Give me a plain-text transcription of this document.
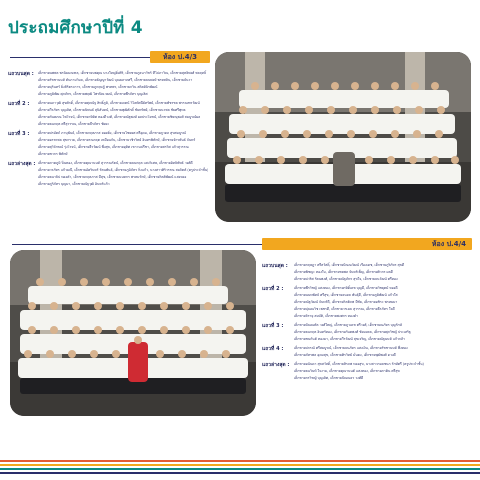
ประถมศึกษาปีที่ 4
ห้อง ป.4/3
แถวบนสุด : เด็กชายนพพล พรนิมมณฑล, เด็กชายนพคุณ บางใหญ่ยิ่งศิริ, เด็กชายภูธนาวัชร์ ทีโปภาวิณ, เด็กชายสุทธิพงศ์ พลฤทธิ์
เด็กชายรัชชานนท์ ตันกามวิมล, เด็กชายธัญญาวัฒน์ บุณยลาภศรี, เด็กชายธนพงษ์ พรทสลิน, เด็กชายธันวา
เด็กชายบุรินทร์ ยิ่งสิริตระการ, เด็กชายภูกฤษฎ์ พรทพร, เด็กชายกวิน สถิตย์นิรพัฒน์
เด็กชายภูมิพัฒ ศุภภัทร, เด็กชายพฤฒิ ไพรปิดเวฒน์, เด็กชายพีรภัทร บุญเลิศ
แถวที่ 2 :	เด็กชายนภาวุฒิ สุขศักดิ์, เด็กชายศุภณัฐ สิทธิ์ภูมิ, เด็กชายเจตน์ วิไลทัศนีย์ทรัพย์, เด็กชายพัชรชล พรรณฑรวัฒน์
เด็กชายวีรภัทร บุญเลิศ, เด็กชายนิพนธ์ สุนิสันทน์, เด็กชายพุฒิศักดิ์ ชัยทรัพย์, เด็กชายนวพล ชัยศรีพุทธ
เด็กชายกันตภณ ไพโรจน์, เด็กชายกษิดิศ ทองดีวงศ์, เด็กชายณัฐพงษ์ ผลประโยชน์, เด็กชายชิษณุพงศ์ สมบูรณ์ผล
เด็กชายธนกฤต ศรีสุวรรณ, เด็กชายธีรภัทร ชัยยะ
แถวที่ 3 :	เด็กชายปรมัตถ์ ภานุพันธ์, เด็กชายกฤตภาส ยอดยิ่ง, เด็กชายไชยยศ ศรีอุดม, เด็กชายภูวดล สุขสมบูรณ์
เด็กชายอรรถพล สุขกรวย, เด็กชายรณกฤต เหมือนกัน, เด็กชายวชิรวิทย์ อินทรพิทักษ์, เด็กชายจักรพันธ์ จันทร์
เด็กชายสุวิจักขณ์ รุ่งโรจน์, เด็กชายธีรวัฒน์ พึ่งสุข, เด็กชายอุทิศ เชาวนปรีชา, เด็กชายสรวิศ แก้วสุวรรณ
เด็กชายชวกร พิทักษ์
แถวล่างสุด : เด็กชายภาคภูมิ ปิ่นทอง, เด็กชายคุณานนท์ สุวรรณรัตน์, เด็กชายธนกฤต แสงวิเศษ, เด็กชายอิทธิพัทธ์ วงศ์ดี
เด็กชายวรภัทร แก้วมณี, เด็กชายอัครินทร์ รัตนพันธ์, เด็กชายภูมิภัทร กิ่งแก้ว, นางสาวศิริวรรณ สมจิตต์ (ครูประจำชั้น)
เด็กชายธนาธิป ทองคำ, เด็กชายกฤตภาส มีสุข, เด็กชายนนทกร พรหมรักษ์, เด็กชายกิตติพัฒน์ แสงทอง
เด็กชายภูริภัทร บุญมา, เด็กชายณัฐวุฒิ อินทร์แก้ว
ห้อง ป.4/4
แถวบนสุด : เด็กชายกฤษฎา ศรีสวัสดิ์, เด็กชายปัณณวัฒน์ เรืองเดช, เด็กชายภูริภัทร สุขดี
เด็กชายพิชญะ ทองใบ, เด็กชายชยพล จันทร์เพ็ญ, เด็กชายศิวกร ผลดี
เด็กชายปวริศ รัตนพงศ์, เด็กชายณัฐภัทร สุขใจ, เด็กชายธนวัฒน์ ศรีทอง
แถวที่ 2 :	เด็กชายพีรวิชญ์ แสงทอง, เด็กชายกษิดิ์เดช บุญมี, เด็กชายวิชยุตม์ ทองดี
เด็กชายนนทพัทธ์ ศรีสุข, เด็กชายธนดล พันธุ์ดี, เด็กชายภูมิพัฒน์ แก้วใส
เด็กชายณัฐวัฒน์ จันทร์ดี, เด็กชายกิตติภพ มีชัย, เด็กชายอชิระ พรหมมา
เด็กชายปุณณวิช เพชรดี, เด็กชายวรเมธ สุวรรณ, เด็กชายธีรภัทร ใจดี
เด็กชายจิรายุ สมบัติ, เด็กชายพงศกร ทองคำ
แถวที่ 3 :	เด็กชายปัณณทัต วงศ์ใหญ่, เด็กชายภูวเดช ศรีวงศ์, เด็กชายณภัทร บุญรักษ์
เด็กชายธนกฤต อินทร์ทอง, เด็กชายกันตพงศ์ ชัยมงคล, เด็กชายศุภวิชญ์ ประเสริฐ
เด็กชายชนกันต์ ทองมา, เด็กชายวีรวัฒน์ สุขเจริญ, เด็กชายณัฐนนท์ แก้วกล้า
แถวที่ 4 :	เด็กชายปกรณ์ ศรีสมบูรณ์, เด็กชายธนภัทร แสงเงิน, เด็กชายรัชชานนท์ พึ่งทอง
เด็กชายภัทรพล อุดมสุข, เด็กชายศิรวิทย์ มั่นคง, เด็กชายพุฒิพงศ์ ดวงดี
แถวล่างสุด : เด็กชายอนันดา สุขสวัสดิ์, เด็กชายสิรภพ ทองสุข, นางสาวกมลชนก รักษ์ศรี (ครูประจำชั้น)
เด็กชายธนวินท์ ใจงาม, เด็กชายคุณานนต์ แสงทอง, เด็กชายภาคิน ศรีสุข
เด็กชายกรวิชญ์ บุญเลิศ, เด็กชายปัณณธร วงศ์ดี
